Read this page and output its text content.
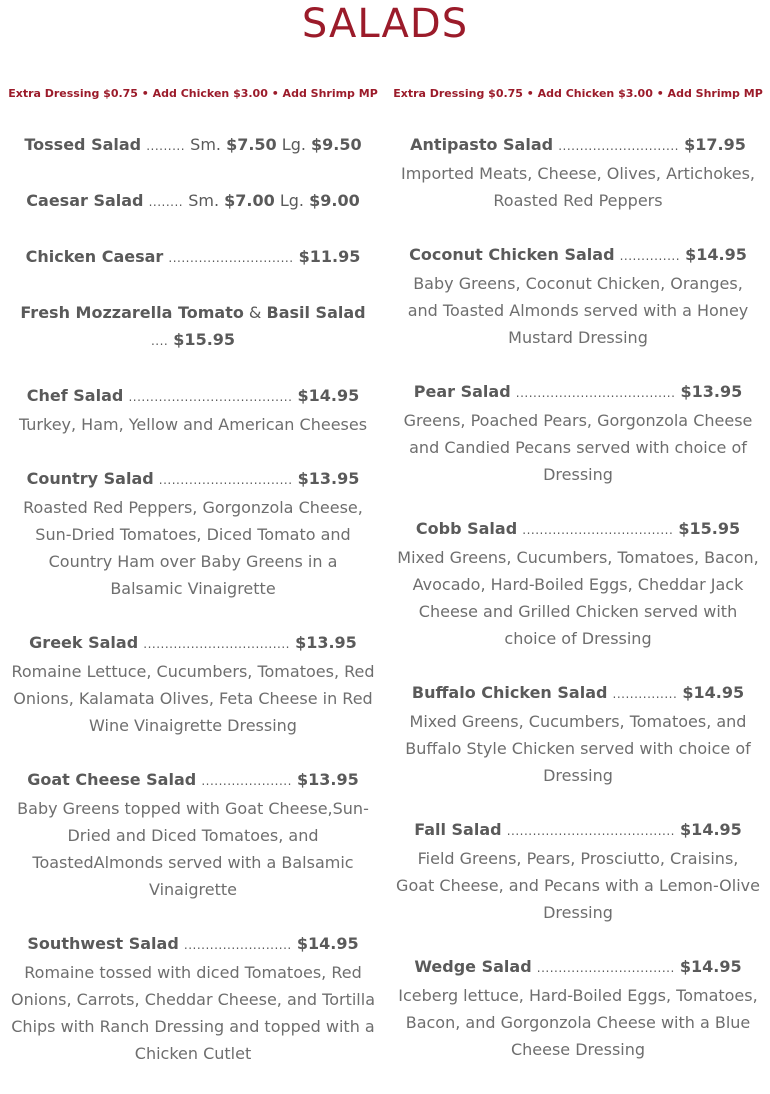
SALADS
Extra Dressing $0.75 • Add Chicken $3.00 • Add Shrimp MP
Tossed Salad ......... Sm. $7.50 Lg. $9.50
Caesar Salad ........ Sm. $7.00 Lg. $9.00
Chicken Caesar ............................. $11.95
Fresh Mozzarella Tomato & Basil Salad
.... $15.95
Chef Salad ...................................... $14.95
Turkey, Ham, Yellow and American Cheeses
Country Salad ............................... $13.95
Roasted Red Peppers, Gorgonzola Cheese, Sun-Dried Tomatoes, Diced Tomato and Country Ham over Baby Greens in a Balsamic Vinaigrette
Greek Salad .................................. $13.95
Romaine Lettuce, Cucumbers, Tomatoes, Red Onions, Kalamata Olives, Feta Cheese in Red Wine Vinaigrette Dressing
Goat Cheese Salad ..................... $13.95
Baby Greens topped with Goat Cheese,Sun-Dried and Diced Tomatoes, and ToastedAlmonds served with a Balsamic Vinaigrette
Southwest Salad ......................... $14.95
Romaine tossed with diced Tomatoes, Red Onions, Carrots, Cheddar Cheese, and Tortilla Chips with Ranch Dressing and topped with a Chicken Cutlet
Extra Dressing $0.75 • Add Chicken $3.00 • Add Shrimp MP
Antipasto Salad ............................ $17.95
Imported Meats, Cheese, Olives, Artichokes, Roasted Red Peppers
Coconut Chicken Salad .............. $14.95
Baby Greens, Coconut Chicken, Oranges, and Toasted Almonds served with a Honey Mustard Dressing
Pear Salad ..................................... $13.95
Greens, Poached Pears, Gorgonzola Cheese and Candied Pecans served with choice of Dressing
Cobb Salad ................................... $15.95
Mixed Greens, Cucumbers, Tomatoes, Bacon, Avocado, Hard-Boiled Eggs, Cheddar Jack Cheese and Grilled Chicken served with choice of Dressing
Buffalo Chicken Salad ............... $14.95
Mixed Greens, Cucumbers, Tomatoes, and Buffalo Style Chicken served with choice of Dressing
Fall Salad ....................................... $14.95
Field Greens, Pears, Prosciutto, Craisins, Goat Cheese, and Pecans with a Lemon-Olive Dressing
Wedge Salad ................................ $14.95
Iceberg lettuce, Hard-Boiled Eggs, Tomatoes, Bacon, and Gorgonzola Cheese with a Blue Cheese Dressing
